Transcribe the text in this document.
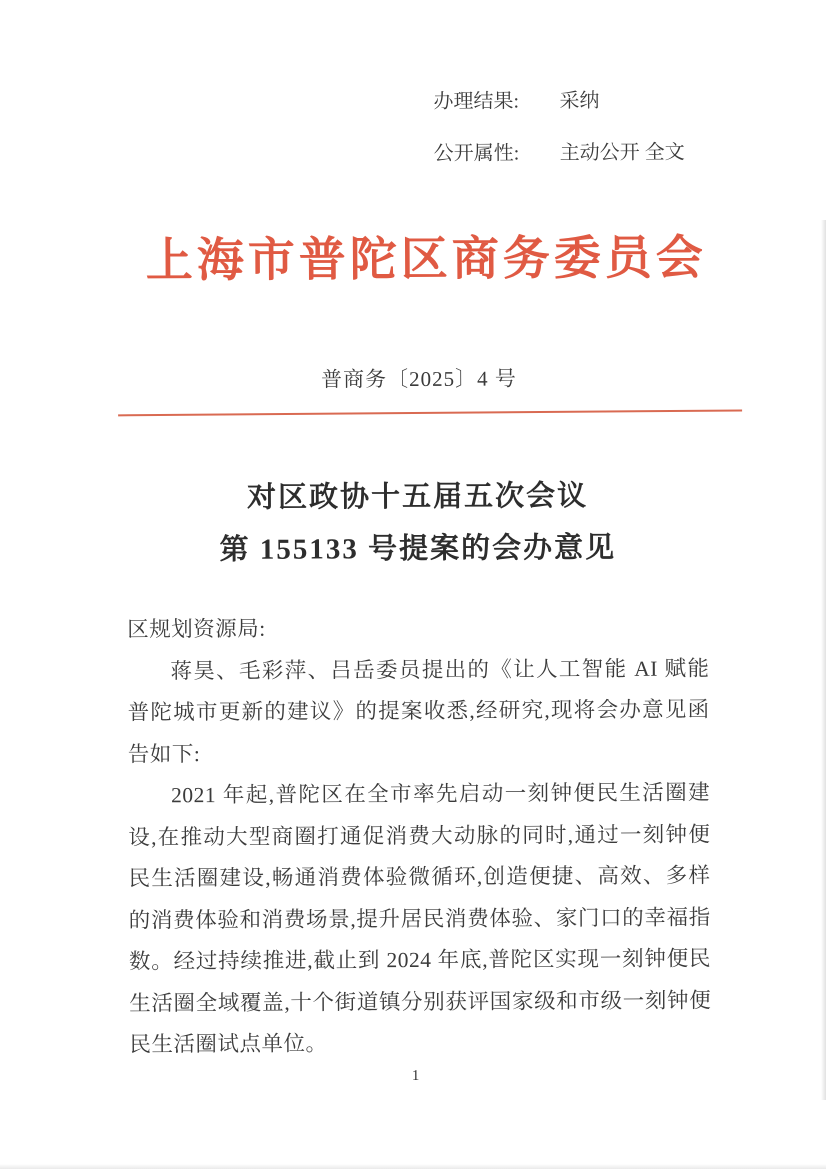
办理结果:	采纳
公开属性:	主动公开 全文
上海市普陀区商务委员会
普商务〔2025〕4 号
对区政协十五届五次会议
第 155133 号提案的会办意见

区规划资源局:

蒋昊、毛彩萍、吕岳委员提出的《让人工智能 AI 赋能普陀城市更新的建议》的提案收悉,经研究,现将会办意见函告如下:

2021 年起,普陀区在全市率先启动一刻钟便民生活圈建设,在推动大型商圈打通促消费大动脉的同时,通过一刻钟便民生活圈建设,畅通消费体验微循环,创造便捷、高效、多样的消费体验和消费场景,提升居民消费体验、家门口的幸福指数。经过持续推进,截止到 2024 年底,普陀区实现一刻钟便民生活圈全域覆盖,十个街道镇分别获评国家级和市级一刻钟便民生活圈试点单位。

1
